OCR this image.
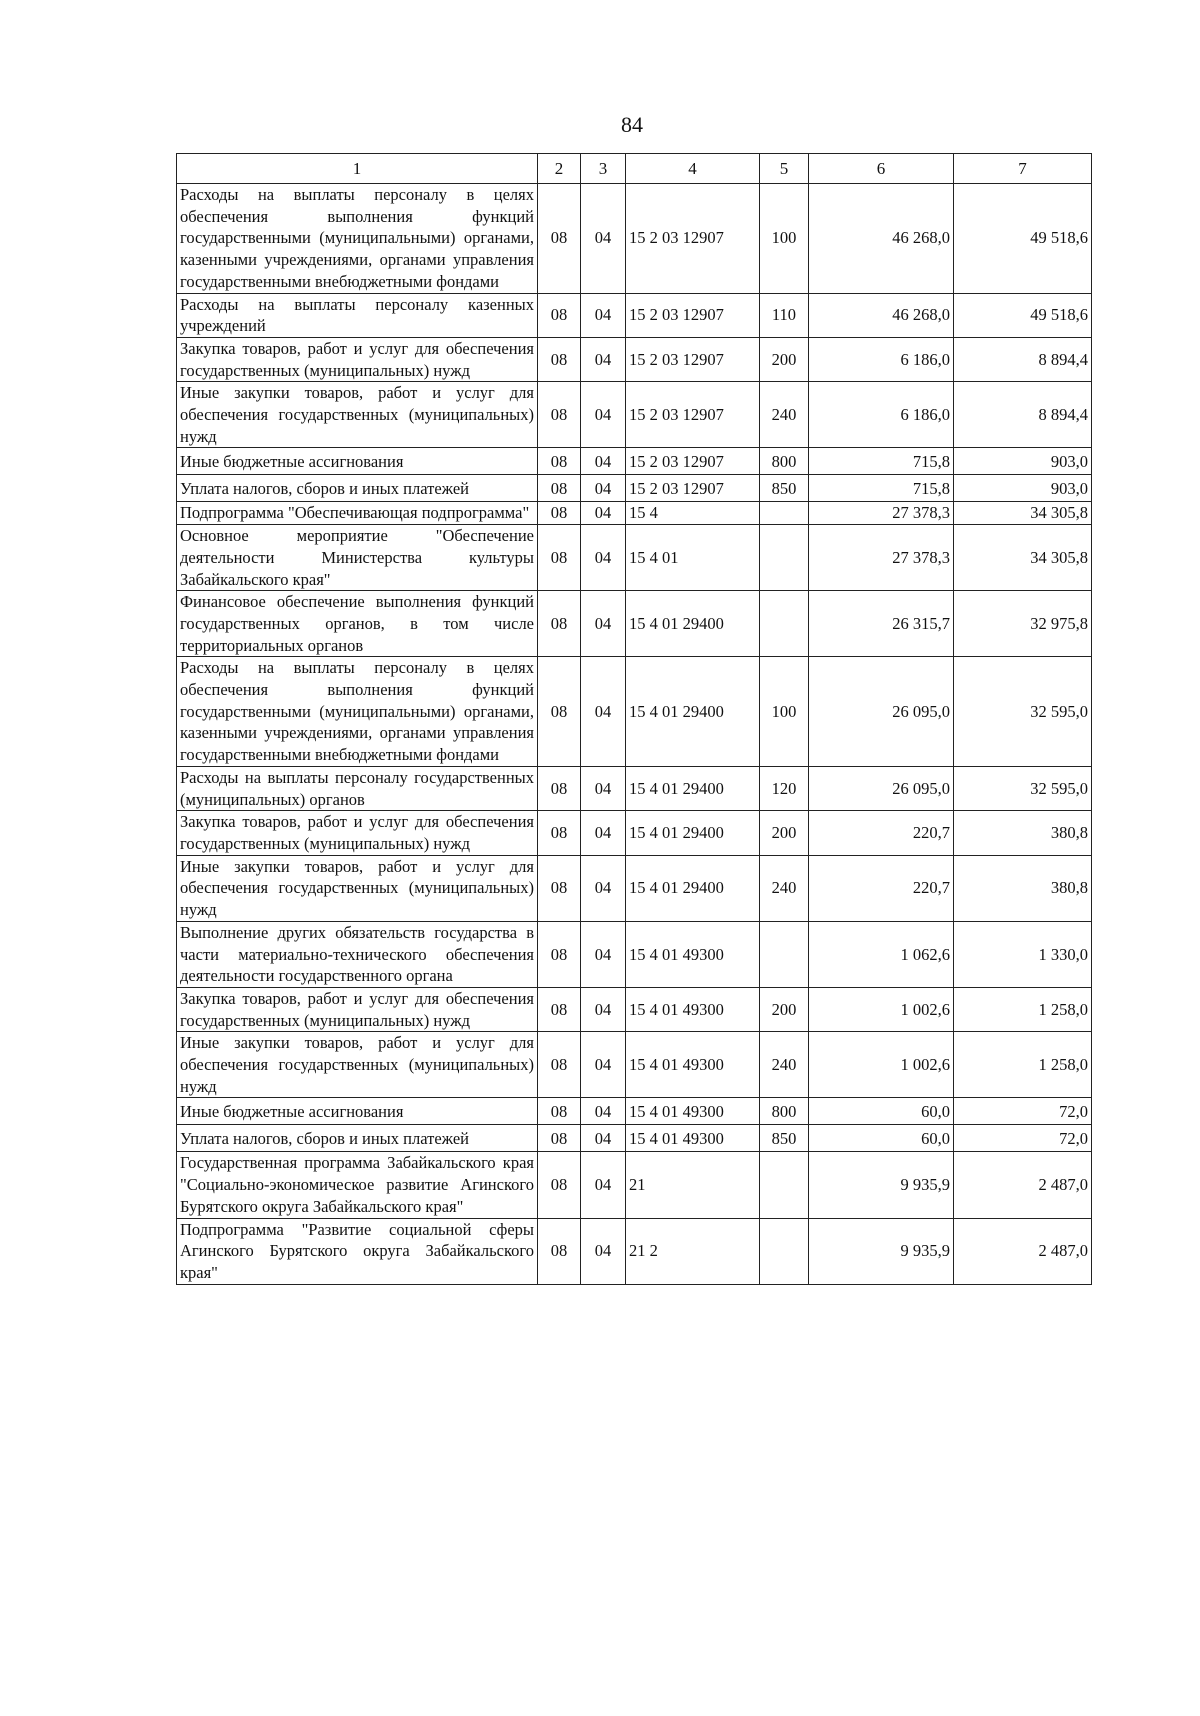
84
1	2	3	4	5	6	7
Расходы на выплаты персоналу в целях обеспечения выполнения функций государственными (муниципальными) органами, казенными учреждениями, органами управления государственными внебюджетными фондами	08	04	15 2 03 12907	100	46 268,0	49 518,6
Расходы на выплаты персоналу казенных учреждений	08	04	15 2 03 12907	110	46 268,0	49 518,6
Закупка товаров, работ и услуг для обеспечения государственных (муниципальных) нужд	08	04	15 2 03 12907	200	6 186,0	8 894,4
Иные закупки товаров, работ и услуг для обеспечения государственных (муниципальных) нужд	08	04	15 2 03 12907	240	6 186,0	8 894,4
Иные бюджетные ассигнования	08	04	15 2 03 12907	800	715,8	903,0
Уплата налогов, сборов и иных платежей	08	04	15 2 03 12907	850	715,8	903,0
Подпрограмма "Обеспечивающая подпрограмма"	08	04	15 4		27 378,3	34 305,8
Основное мероприятие "Обеспечение деятельности Министерства культуры Забайкальского края"	08	04	15 4 01		27 378,3	34 305,8
Финансовое обеспечение выполнения функций государственных органов, в том числе территориальных органов	08	04	15 4 01 29400		26 315,7	32 975,8
Расходы на выплаты персоналу в целях обеспечения выполнения функций государственными (муниципальными) органами, казенными учреждениями, органами управления государственными внебюджетными фондами	08	04	15 4 01 29400	100	26 095,0	32 595,0
Расходы на выплаты персоналу государственных (муниципальных) органов	08	04	15 4 01 29400	120	26 095,0	32 595,0
Закупка товаров, работ и услуг для обеспечения государственных (муниципальных) нужд	08	04	15 4 01 29400	200	220,7	380,8
Иные закупки товаров, работ и услуг для обеспечения государственных (муниципальных) нужд	08	04	15 4 01 29400	240	220,7	380,8
Выполнение других обязательств государства в части материально-технического обеспечения деятельности государственного органа	08	04	15 4 01 49300		1 062,6	1 330,0
Закупка товаров, работ и услуг для обеспечения государственных (муниципальных) нужд	08	04	15 4 01 49300	200	1 002,6	1 258,0
Иные закупки товаров, работ и услуг для обеспечения государственных (муниципальных) нужд	08	04	15 4 01 49300	240	1 002,6	1 258,0
Иные бюджетные ассигнования	08	04	15 4 01 49300	800	60,0	72,0
Уплата налогов, сборов и иных платежей	08	04	15 4 01 49300	850	60,0	72,0
Государственная программа Забайкальского края "Социально-экономическое развитие Агинского Бурятского округа Забайкальского края"	08	04	21		9 935,9	2 487,0
Подпрограмма "Развитие социальной сферы Агинского Бурятского округа Забайкальского края"	08	04	21 2		9 935,9	2 487,0
